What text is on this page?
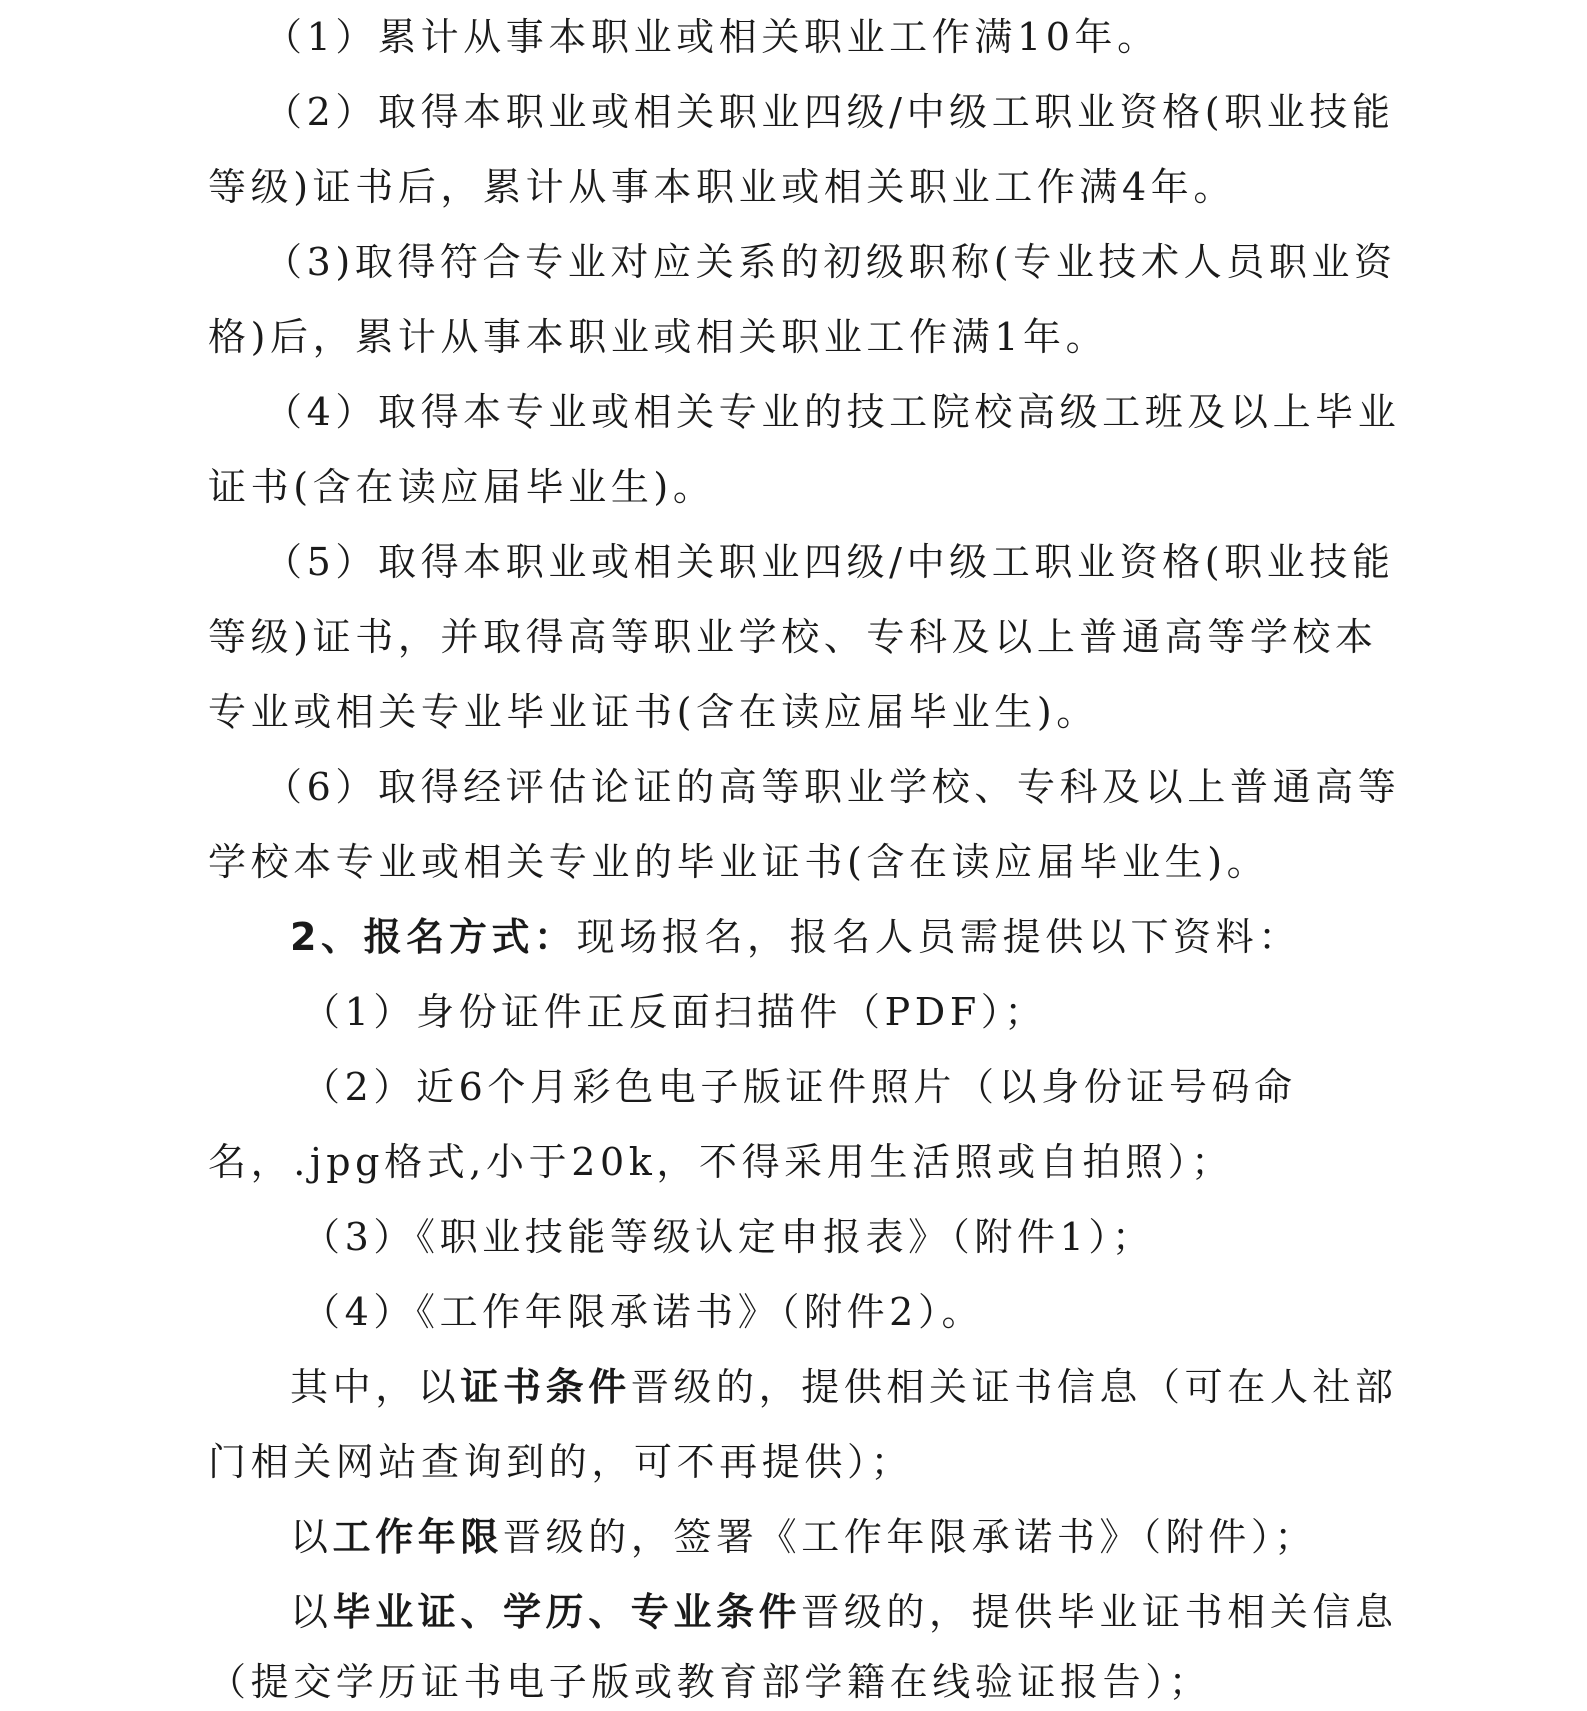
（1）累计从事本职业或相关职业工作满10年。
（2）取得本职业或相关职业四级/中级工职业资格(职业技能
等级)证书后，累计从事本职业或相关职业工作满4年。
（3)取得符合专业对应关系的初级职称(专业技术人员职业资
格)后，累计从事本职业或相关职业工作满1年。
（4）取得本专业或相关专业的技工院校高级工班及以上毕业
证书(含在读应届毕业生)。
（5）取得本职业或相关职业四级/中级工职业资格(职业技能
等级)证书，并取得高等职业学校、专科及以上普通高等学校本
专业或相关专业毕业证书(含在读应届毕业生)。
（6）取得经评估论证的高等职业学校、专科及以上普通高等
学校本专业或相关专业的毕业证书(含在读应届毕业生)。
2、报名方式：现场报名，报名人员需提供以下资料：
（1）身份证件正反面扫描件（PDF）；
（2）近6个月彩色电子版证件照片（以身份证号码命
名，.jpg格式,小于20k，不得采用生活照或自拍照）；
（3）《职业技能等级认定申报表》（附件1）；
（4）《工作年限承诺书》（附件2）。
其中，以证书条件晋级的，提供相关证书信息（可在人社部
门相关网站查询到的，可不再提供）；
以工作年限晋级的，签署《工作年限承诺书》（附件）；
以毕业证、学历、专业条件晋级的，提供毕业证书相关信息
（提交学历证书电子版或教育部学籍在线验证报告）；
